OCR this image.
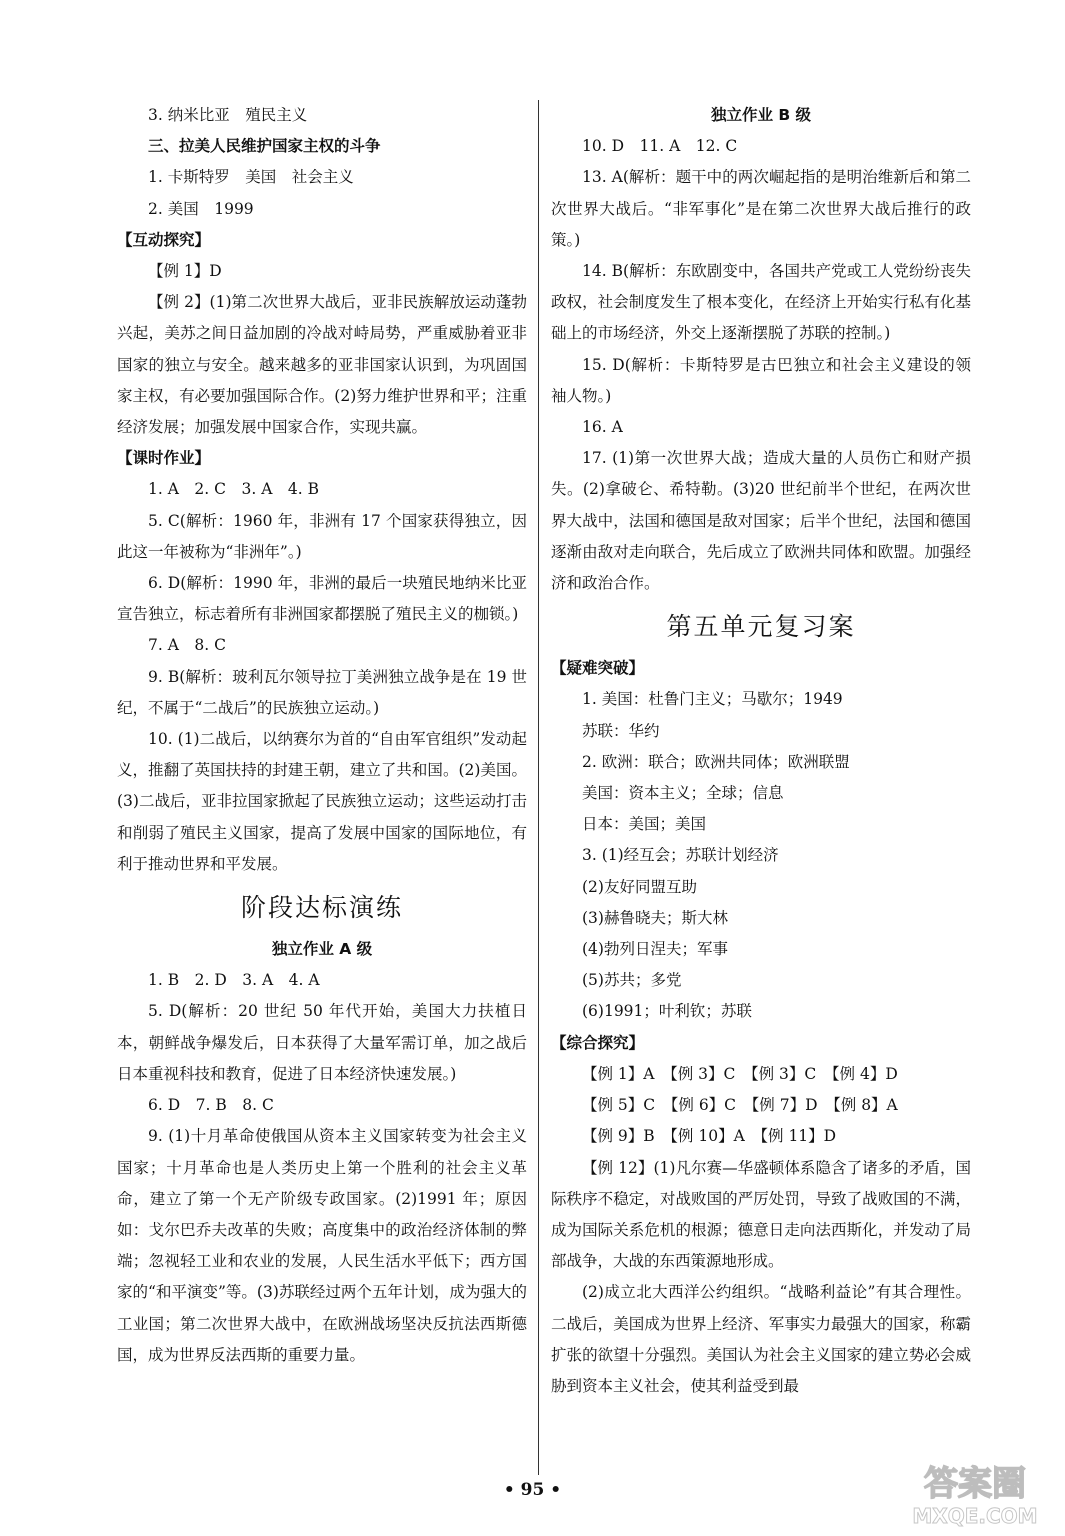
3. 纳米比亚　殖民主义

三、拉美人民维护国家主权的斗争

1. 卡斯特罗　美国　社会主义

2. 美国　1999

【互动探究】

【例 1】D

【例 2】(1)第二次世界大战后，亚非民族解放运动蓬勃兴起，美苏之间日益加剧的冷战对峙局势，严重威胁着亚非国家的独立与安全。越来越多的亚非国家认识到，为巩固国家主权，有必要加强国际合作。(2)努力维护世界和平；注重经济发展；加强发展中国家合作，实现共赢。

【课时作业】

1. A　2. C　3. A　4. B

5. C(解析：1960 年，非洲有 17 个国家获得独立，因此这一年被称为“非洲年”。)

6. D(解析：1990 年，非洲的最后一块殖民地纳米比亚宣告独立，标志着所有非洲国家都摆脱了殖民主义的枷锁。)

7. A　8. C

9. B(解析：玻利瓦尔领导拉丁美洲独立战争是在 19 世纪，不属于“二战后”的民族独立运动。)

10. (1)二战后，以纳赛尔为首的“自由军官组织”发动起义，推翻了英国扶持的封建王朝，建立了共和国。(2)美国。(3)二战后，亚非拉国家掀起了民族独立运动；这些运动打击和削弱了殖民主义国家，提高了发展中国家的国际地位，有利于推动世界和平发展。

阶段达标演练

独立作业 A 级

1. B　2. D　3. A　4. A

5. D(解析：20 世纪 50 年代开始，美国大力扶植日本，朝鲜战争爆发后，日本获得了大量军需订单，加之战后日本重视科技和教育，促进了日本经济快速发展。)

6. D　7. B　8. C

9. (1)十月革命使俄国从资本主义国家转变为社会主义国家；十月革命也是人类历史上第一个胜利的社会主义革命，建立了第一个无产阶级专政国家。(2)1991 年；原因如：戈尔巴乔夫改革的失败；高度集中的政治经济体制的弊端；忽视轻工业和农业的发展，人民生活水平低下；西方国家的“和平演变”等。(3)苏联经过两个五年计划，成为强大的工业国；第二次世界大战中，在欧洲战场坚决反抗法西斯德国，成为世界反法西斯的重要力量。

独立作业 B 级

10. D　11. A　12. C

13. A(解析：题干中的两次崛起指的是明治维新后和第二次世界大战后。“非军事化”是在第二次世界大战后推行的政策。)

14. B(解析：东欧剧变中，各国共产党或工人党纷纷丧失政权，社会制度发生了根本变化，在经济上开始实行私有化基础上的市场经济，外交上逐渐摆脱了苏联的控制。)

15. D(解析：卡斯特罗是古巴独立和社会主义建设的领袖人物。)

16. A

17. (1)第一次世界大战；造成大量的人员伤亡和财产损失。(2)拿破仑、希特勒。(3)20 世纪前半个世纪，在两次世界大战中，法国和德国是敌对国家；后半个世纪，法国和德国逐渐由敌对走向联合，先后成立了欧洲共同体和欧盟。加强经济和政治合作。

第五单元复习案

【疑难突破】

1. 美国：杜鲁门主义；马歇尔；1949

苏联：华约

2. 欧洲：联合；欧洲共同体；欧洲联盟

美国：资本主义；全球；信息

日本：美国；美国

3. (1)经互会；苏联计划经济

(2)友好同盟互助

(3)赫鲁晓夫；斯大林

(4)勃列日涅夫；军事

(5)苏共；多党

(6)1991；叶利钦；苏联

【综合探究】

【例 1】A　【例 3】C　【例 3】C　【例 4】D

【例 5】C　【例 6】C　【例 7】D　【例 8】A

【例 9】B　【例 10】A　【例 11】D

【例 12】(1)凡尔赛—华盛顿体系隐含了诸多的矛盾，国际秩序不稳定，对战败国的严厉处罚，导致了战败国的不满，成为国际关系危机的根源；德意日走向法西斯化，并发动了局部战争，大战的东西策源地形成。

(2)成立北大西洋公约组织。“战略利益论”有其合理性。二战后，美国成为世界上经济、军事实力最强大的国家，称霸扩张的欲望十分强烈。美国认为社会主义国家的建立势必会威胁到资本主义社会，使其利益受到最

• 95 •	答案圈
MXQE.COM
